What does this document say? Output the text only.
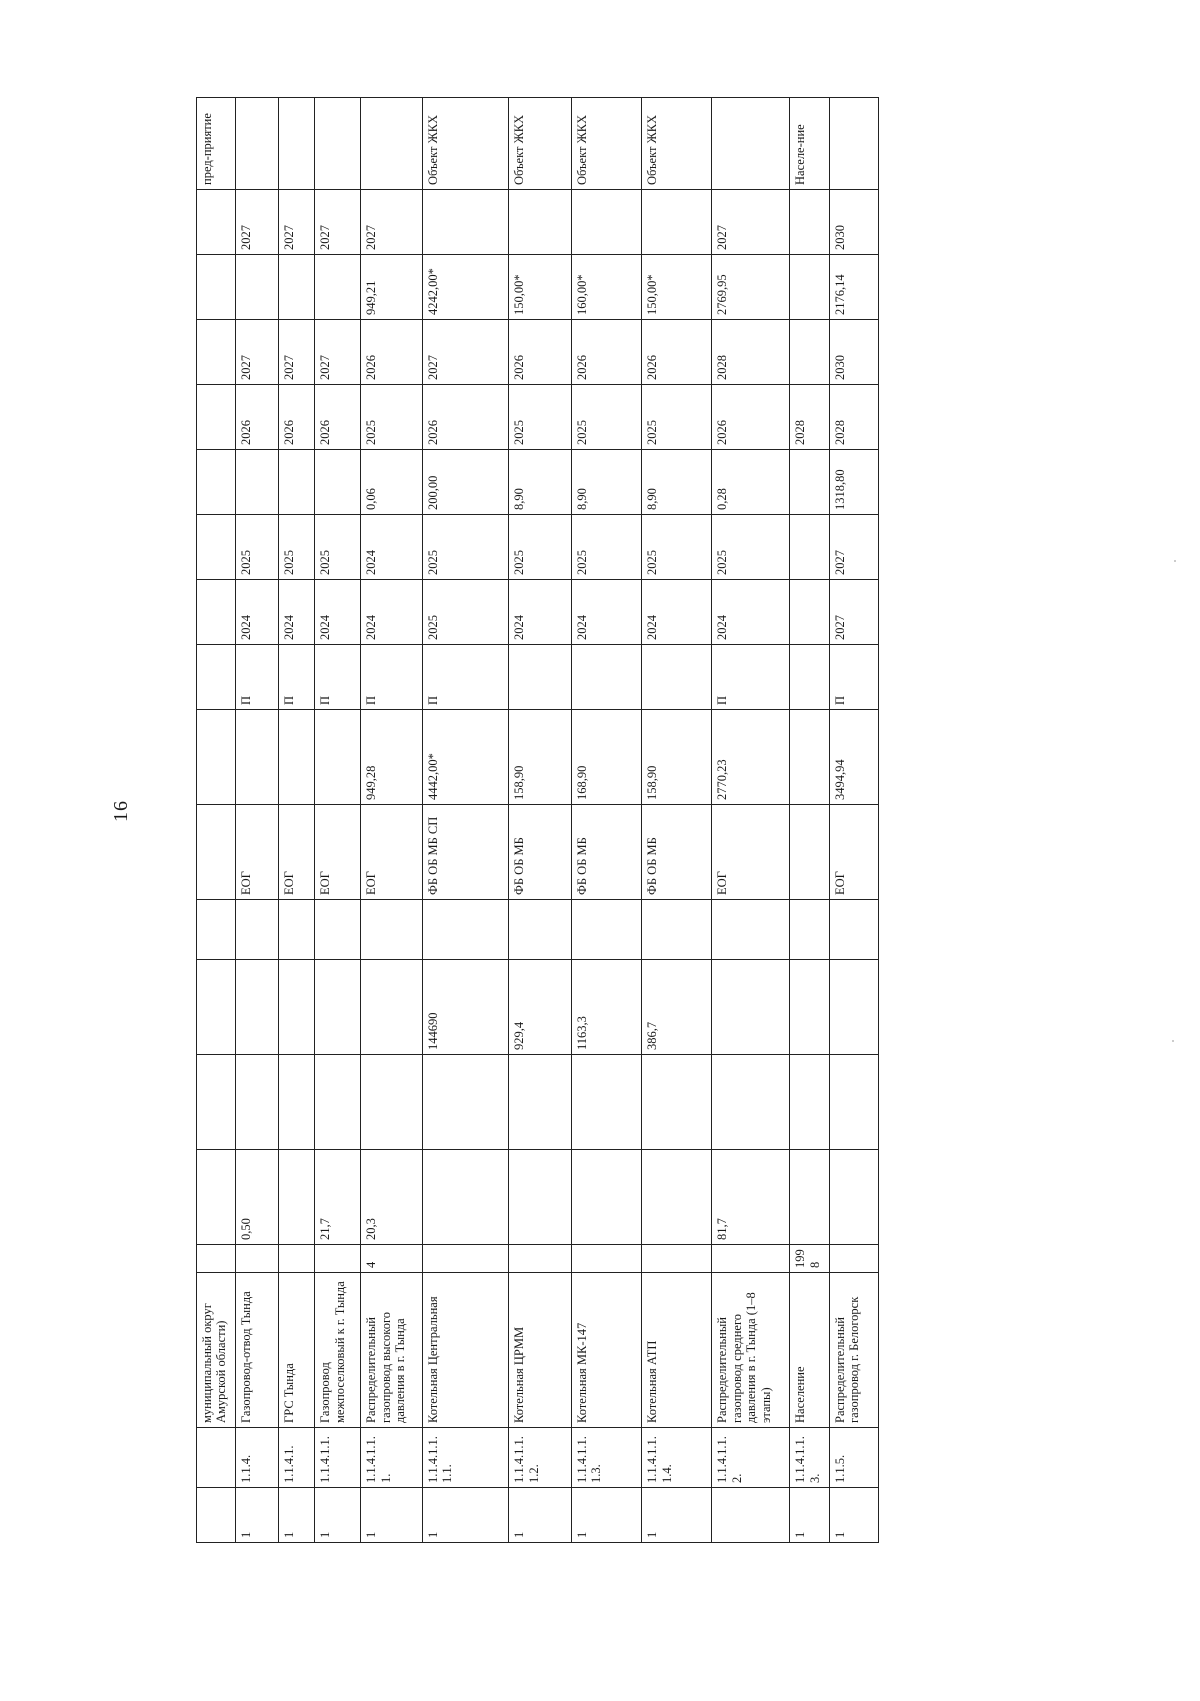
16
		муниципальный округ Амурской области)																пред-приятие
1	1.1.4.	Газопровод-отвод Тында		0,50				ЕОГ		П	2024	2025		2026	2027		2027	
1	1.1.4.1.	ГРС Тында						ЕОГ		П	2024	2025		2026	2027		2027	
1	1.1.4.1.1.	Газопровод межпоселковый к г. Тында		21,7				ЕОГ		П	2024	2025		2026	2027		2027	
1	1.1.4.1.1.1.	Распределительный газопровод высокого давления в г. Тында	4	20,3				ЕОГ	949,28	П	2024	2024	0,06	2025	2026	949,21	2027	
1	1.1.4.1.1.1.1.	Котельная Центральная				144690		ФБ ОБ МБ СП	4442,00*	П	2025	2025	200,00	2026	2027	4242,00*		Объект ЖКХ
1	1.1.4.1.1.1.2.	Котельная ЦРММ				929,4		ФБ ОБ МБ	158,90		2024	2025	8,90	2025	2026	150,00*		Объект ЖКХ
1	1.1.4.1.1.1.3.	Котельная МК-147				1163,3		ФБ ОБ МБ	168,90		2024	2025	8,90	2025	2026	160,00*		Объект ЖКХ
1	1.1.4.1.1.1.4.	Котельная АТП				386,7		ФБ ОБ МБ	158,90		2024	2025	8,90	2025	2026	150,00*		Объект ЖКХ
	1.1.4.1.1.2.	Распределительный газопровод среднего давления в г. Тында (1–8 этапы)		81,7				ЕОГ	2770,23	П	2024	2025	0,28	2026	2028	2769,95	2027	
1	1.1.4.1.1.3.	Население	1998											2028				Населе-ние
1	1.1.5.	Распределительный газопровод г. Белогорск						ЕОГ	3494,94	П	2027	2027	1318,80	2028	2030	2176,14	2030	
